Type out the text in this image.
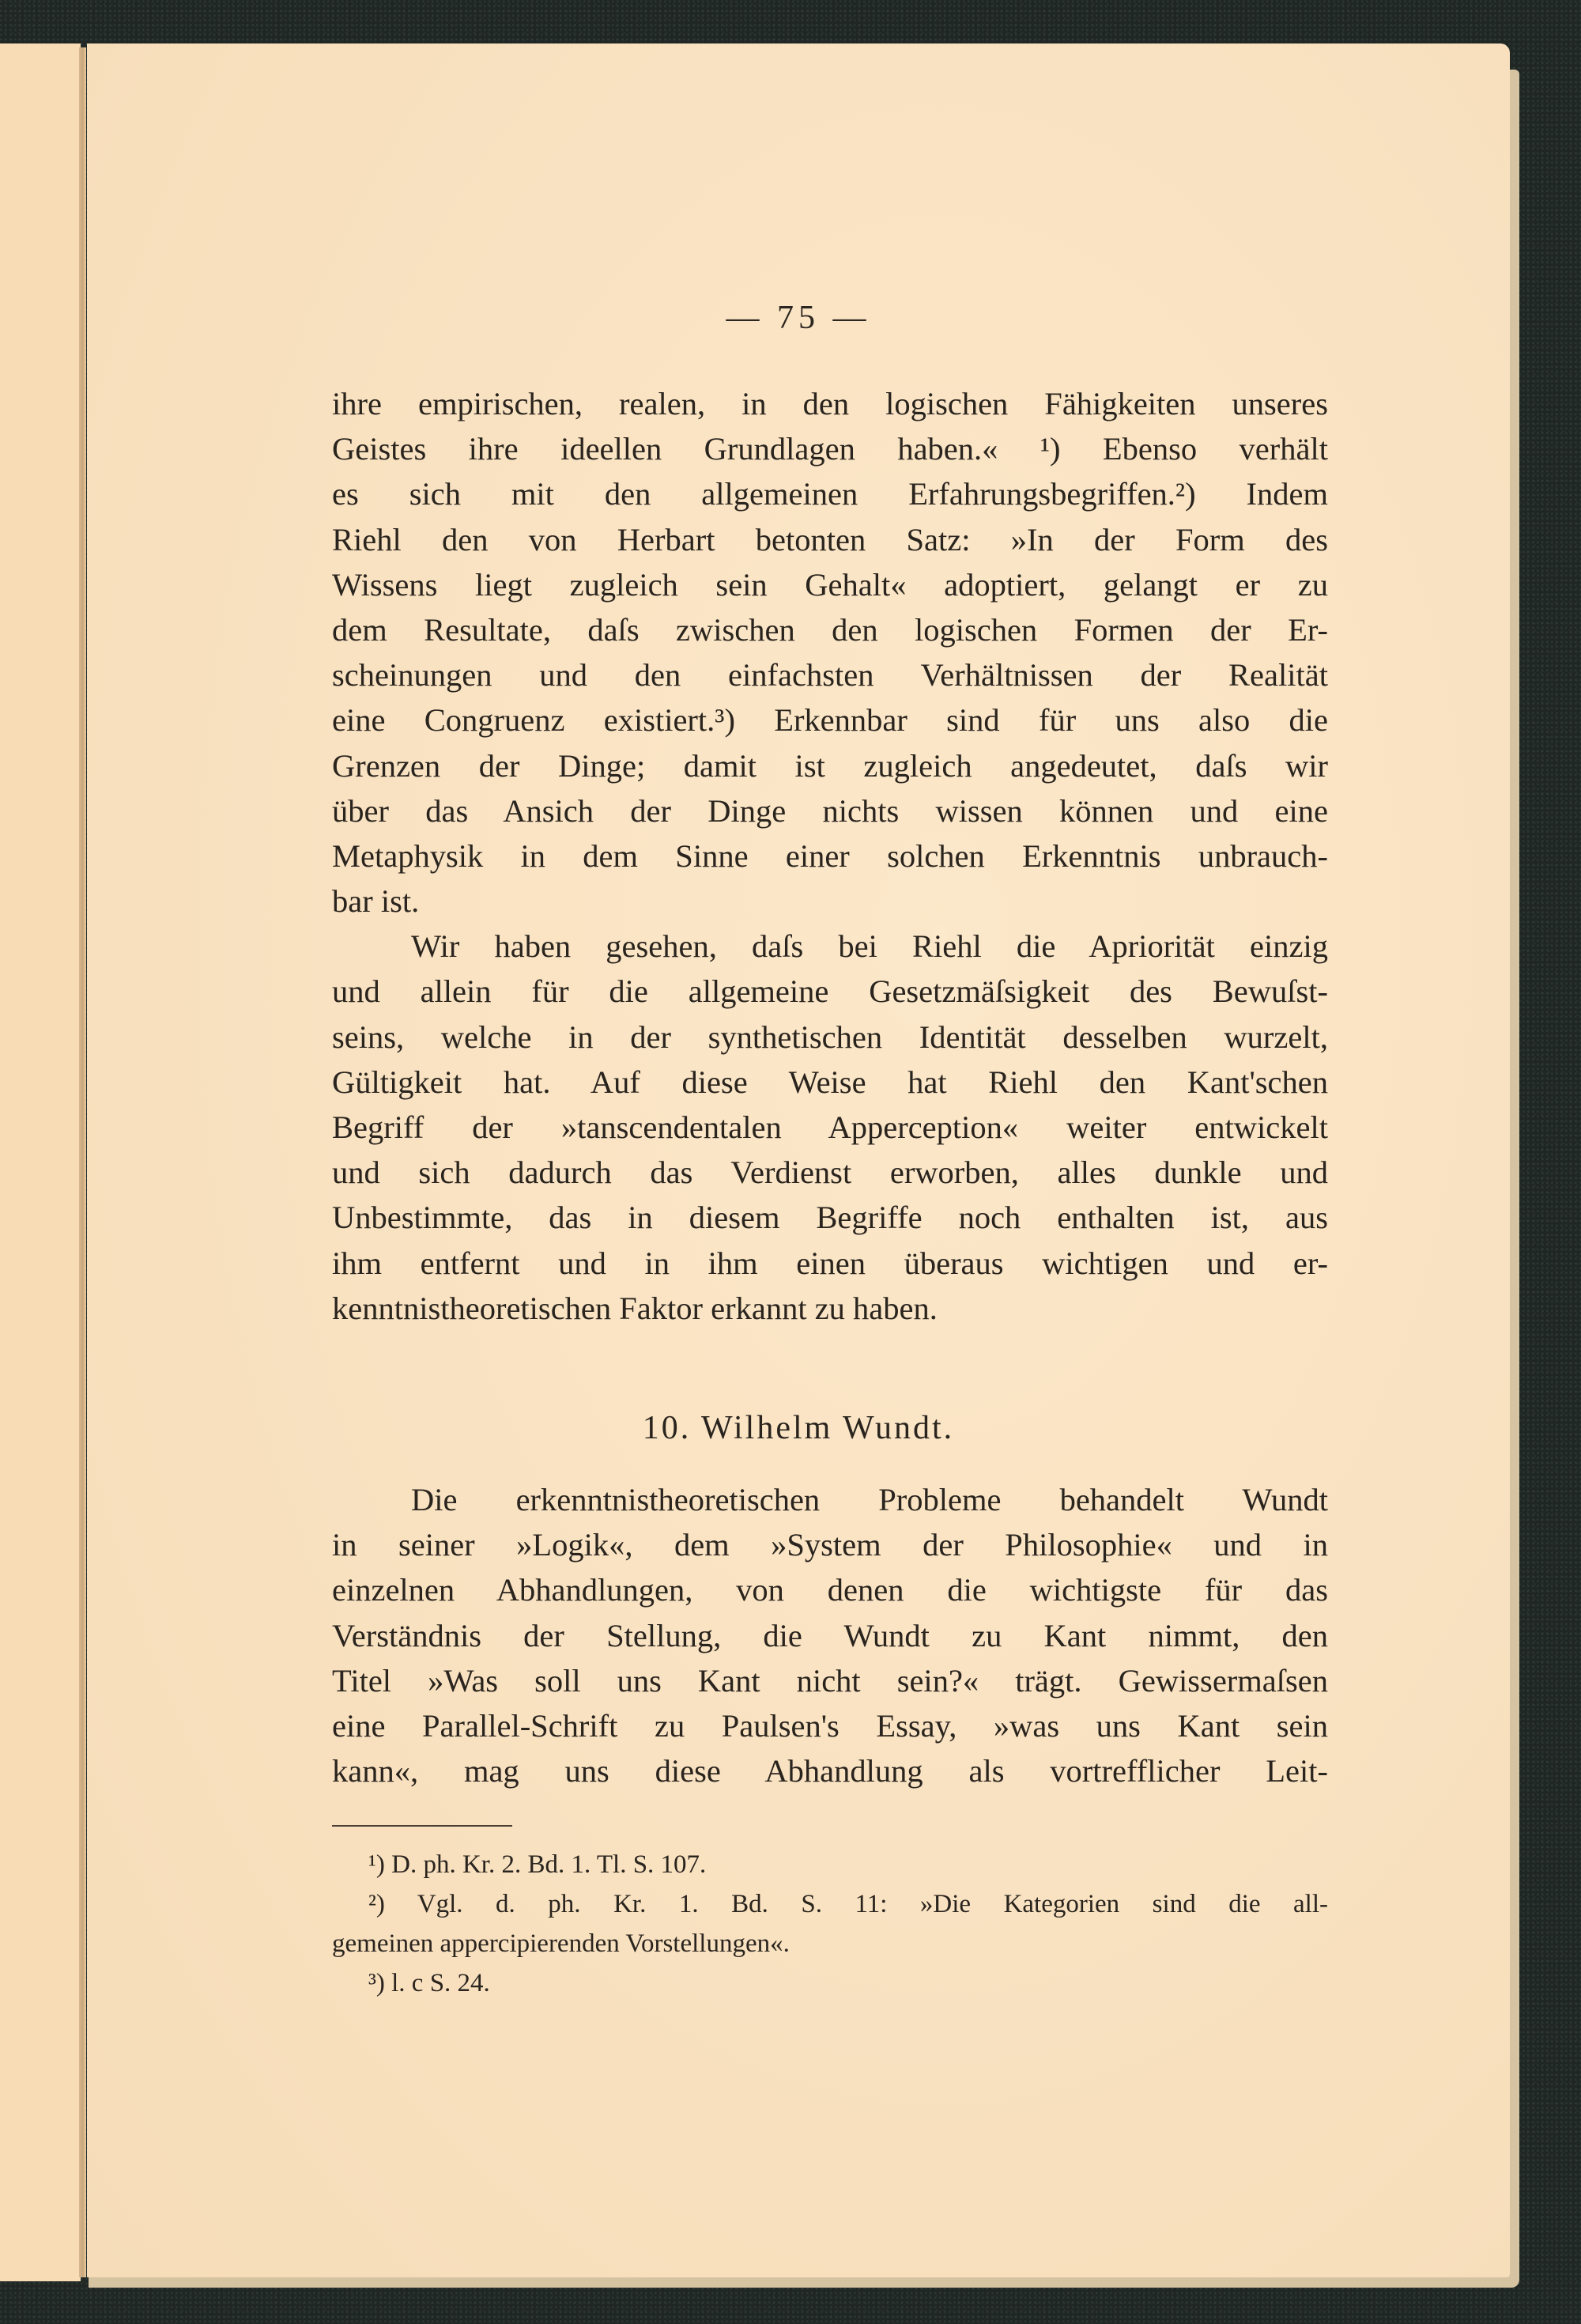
— 75 —
ihre empirischen, realen, in den logischen Fähigkeiten unseres
Geistes ihre ideellen Grundlagen haben.« ¹) Ebenso verhält
es sich mit den allgemeinen Erfahrungsbegriffen.²) Indem
Riehl den von Herbart betonten Satz: »In der Form des
Wissens liegt zugleich sein Gehalt« adoptiert, gelangt er zu
dem Resultate, daſs zwischen den logischen Formen der Er-
scheinungen und den einfachsten Verhältnissen der Realität
eine Congruenz existiert.³) Erkennbar sind für uns also die
Grenzen der Dinge; damit ist zugleich angedeutet, daſs wir
über das Ansich der Dinge nichts wissen können und eine
Metaphysik in dem Sinne einer solchen Erkenntnis unbrauch-
bar ist.
Wir haben gesehen, daſs bei Riehl die Apriorität einzig
und allein für die allgemeine Gesetzmäſsigkeit des Bewuſst-
seins, welche in der synthetischen Identität desselben wurzelt,
Gültigkeit hat. Auf diese Weise hat Riehl den Kant'schen
Begriff der »tanscendentalen Apperception« weiter entwickelt
und sich dadurch das Verdienst erworben, alles dunkle und
Unbestimmte, das in diesem Begriffe noch enthalten ist, aus
ihm entfernt und in ihm einen überaus wichtigen und er-
kenntnistheoretischen Faktor erkannt zu haben.
10. Wilhelm Wundt.
Die erkenntnistheoretischen Probleme behandelt Wundt
in seiner »Logik«, dem »System der Philosophie« und in
einzelnen Abhandlungen, von denen die wichtigste für das
Verständnis der Stellung, die Wundt zu Kant nimmt, den
Titel »Was soll uns Kant nicht sein?« trägt. Gewissermaſsen
eine Parallel-Schrift zu Paulsen's Essay, »was uns Kant sein
kann«, mag uns diese Abhandlung als vortrefflicher Leit-
¹) D. ph. Kr. 2. Bd. 1. Tl. S. 107.
²) Vgl. d. ph. Kr. 1. Bd. S. 11: »Die Kategorien sind die all-
gemeinen appercipierenden Vorstellungen«.
³) l. c S. 24.
